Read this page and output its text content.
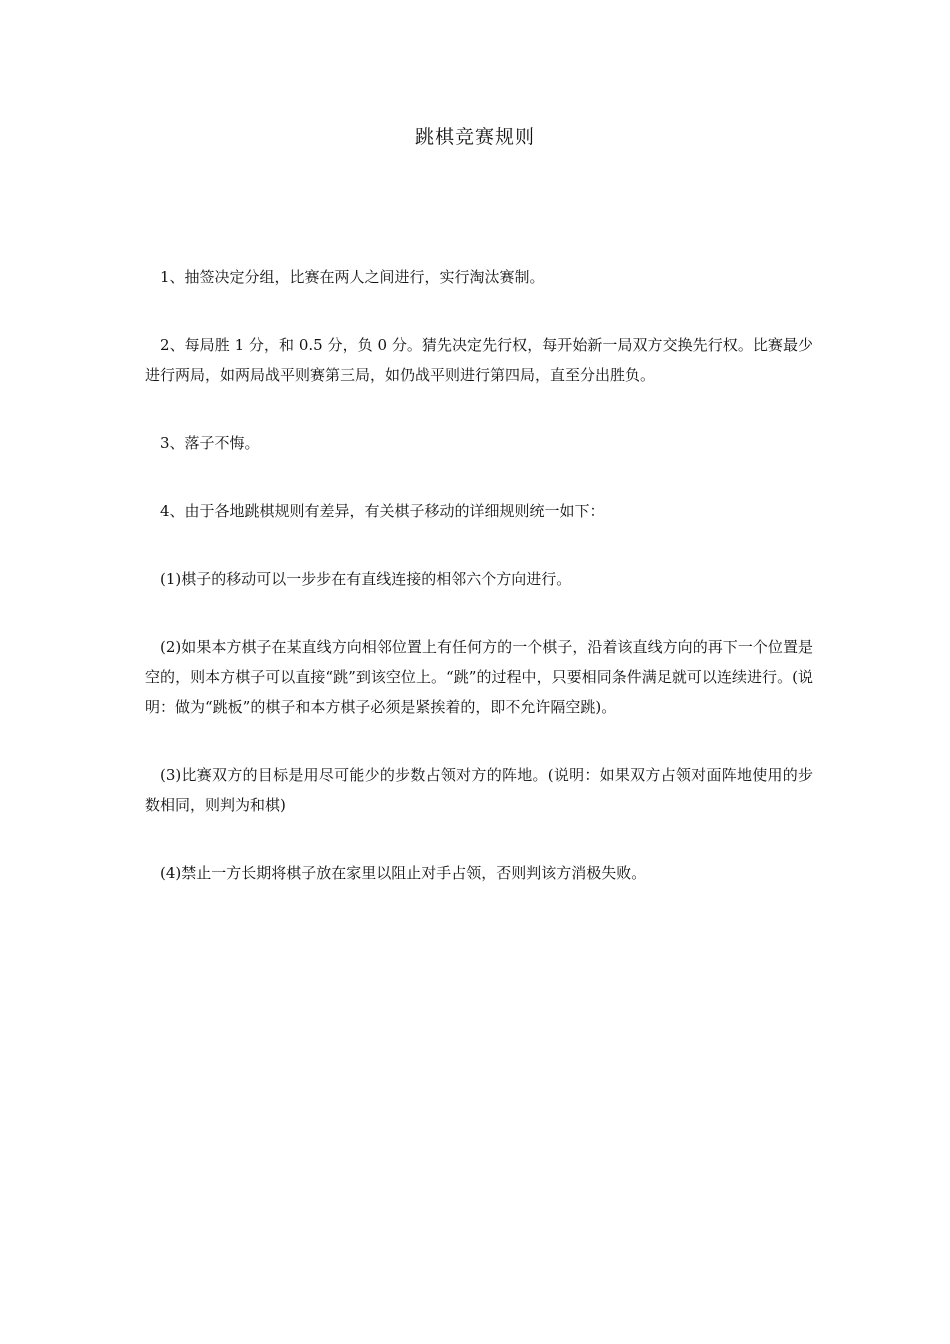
跳棋竞赛规则

1、抽签决定分组，比赛在两人之间进行，实行淘汰赛制。

2、每局胜 1 分，和 0.5 分，负 0 分。猜先决定先行权，每开始新一局双方交换先行权。比赛最少进行两局，如两局战平则赛第三局，如仍战平则进行第四局，直至分出胜负。

3、落子不悔。

4、由于各地跳棋规则有差异，有关棋子移动的详细规则统一如下：

(1)棋子的移动可以一步步在有直线连接的相邻六个方向进行。

(2)如果本方棋子在某直线方向相邻位置上有任何方的一个棋子，沿着该直线方向的再下一个位置是空的，则本方棋子可以直接“跳”到该空位上。“跳”的过程中，只要相同条件满足就可以连续进行。(说明：做为“跳板”的棋子和本方棋子必须是紧挨着的，即不允许隔空跳)。

(3)比赛双方的目标是用尽可能少的步数占领对方的阵地。(说明：如果双方占领对面阵地使用的步数相同，则判为和棋)

(4)禁止一方长期将棋子放在家里以阻止对手占领，否则判该方消极失败。
